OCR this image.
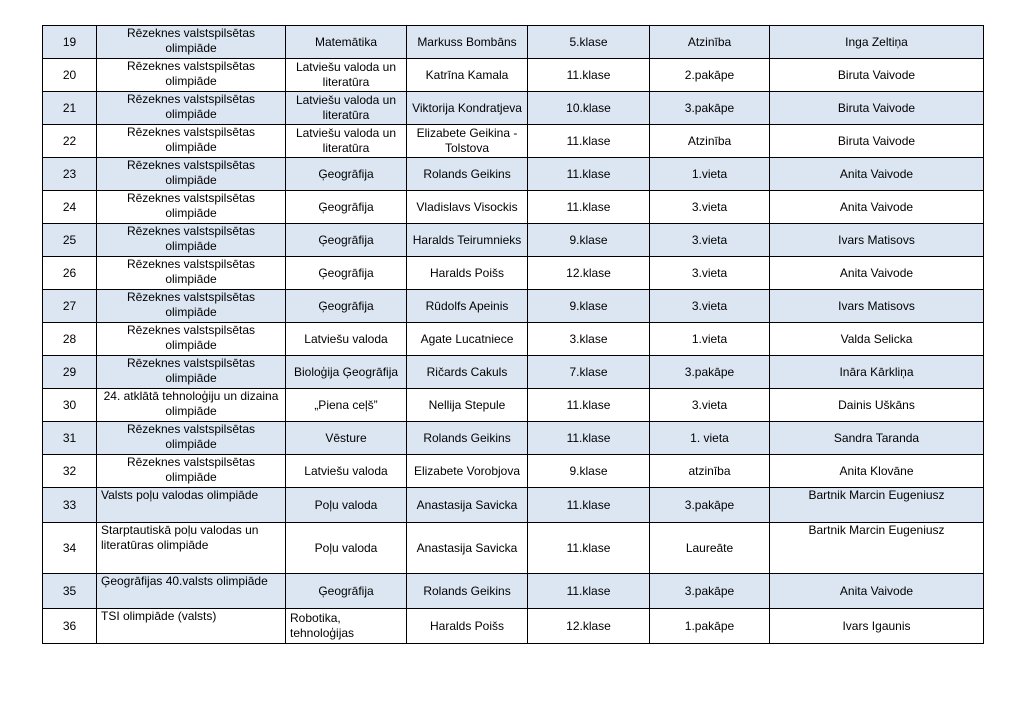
19	Rēzeknes valstspilsētas olimpiāde	Matemātika	Markuss Bombāns	5.klase	Atzinība	Inga Zeltiņa
20	Rēzeknes valstspilsētas olimpiāde	Latviešu valoda un literatūra	Katrīna Kamala	11.klase	2.pakāpe	Biruta Vaivode
21	Rēzeknes valstspilsētas olimpiāde	Latviešu valoda un literatūra	Viktorija Kondratjeva	10.klase	3.pakāpe	Biruta Vaivode
22	Rēzeknes valstspilsētas olimpiāde	Latviešu valoda un literatūra	Elizabete Geikina - Tolstova	11.klase	Atzinība	Biruta Vaivode
23	Rēzeknes valstspilsētas olimpiāde	Ģeogrāfija	Rolands Geikins	11.klase	1.vieta	Anita Vaivode
24	Rēzeknes valstspilsētas olimpiāde	Ģeogrāfija	Vladislavs Visockis	11.klase	3.vieta	Anita Vaivode
25	Rēzeknes valstspilsētas olimpiāde	Ģeogrāfija	Haralds Teirumnieks	9.klase	3.vieta	Ivars Matisovs
26	Rēzeknes valstspilsētas olimpiāde	Ģeogrāfija	Haralds Poišs	12.klase	3.vieta	Anita Vaivode
27	Rēzeknes valstspilsētas olimpiāde	Ģeogrāfija	Rūdolfs Apeinis	9.klase	3.vieta	Ivars Matisovs
28	Rēzeknes valstspilsētas olimpiāde	Latviešu valoda	Agate Lucatniece	3.klase	1.vieta	Valda Selicka
29	Rēzeknes valstspilsētas olimpiāde	Bioloģija Ģeogrāfija	Ričards Cakuls	7.klase	3.pakāpe	Ināra Kārkliņa
30	24. atklātā tehnoloģiju un dizaina olimpiāde	„Piena ceļš”	Nellija Stepule	11.klase	3.vieta	Dainis Uškāns
31	Rēzeknes valstspilsētas olimpiāde	Vēsture	Rolands Geikins	11.klase	1. vieta	Sandra Taranda
32	Rēzeknes valstspilsētas olimpiāde	Latviešu valoda	Elizabete Vorobjova	9.klase	atzinība	Anita Klovāne
33	Valsts poļu valodas olimpiāde	Poļu valoda	Anastasija Savicka	11.klase	3.pakāpe	Bartnik Marcin Eugeniusz
34	Starptautiskā poļu valodas un literatūras olimpiāde	Poļu valoda	Anastasija Savicka	11.klase	Laureāte	Bartnik Marcin Eugeniusz
35	Ģeogrāfijas 40.valsts olimpiāde	Ģeogrāfija	Rolands Geikins	11.klase	3.pakāpe	Anita Vaivode
36	TSI olimpiāde (valsts)	Robotika, tehnoloģijas	Haralds Poišs	12.klase	1.pakāpe	Ivars Igaunis
